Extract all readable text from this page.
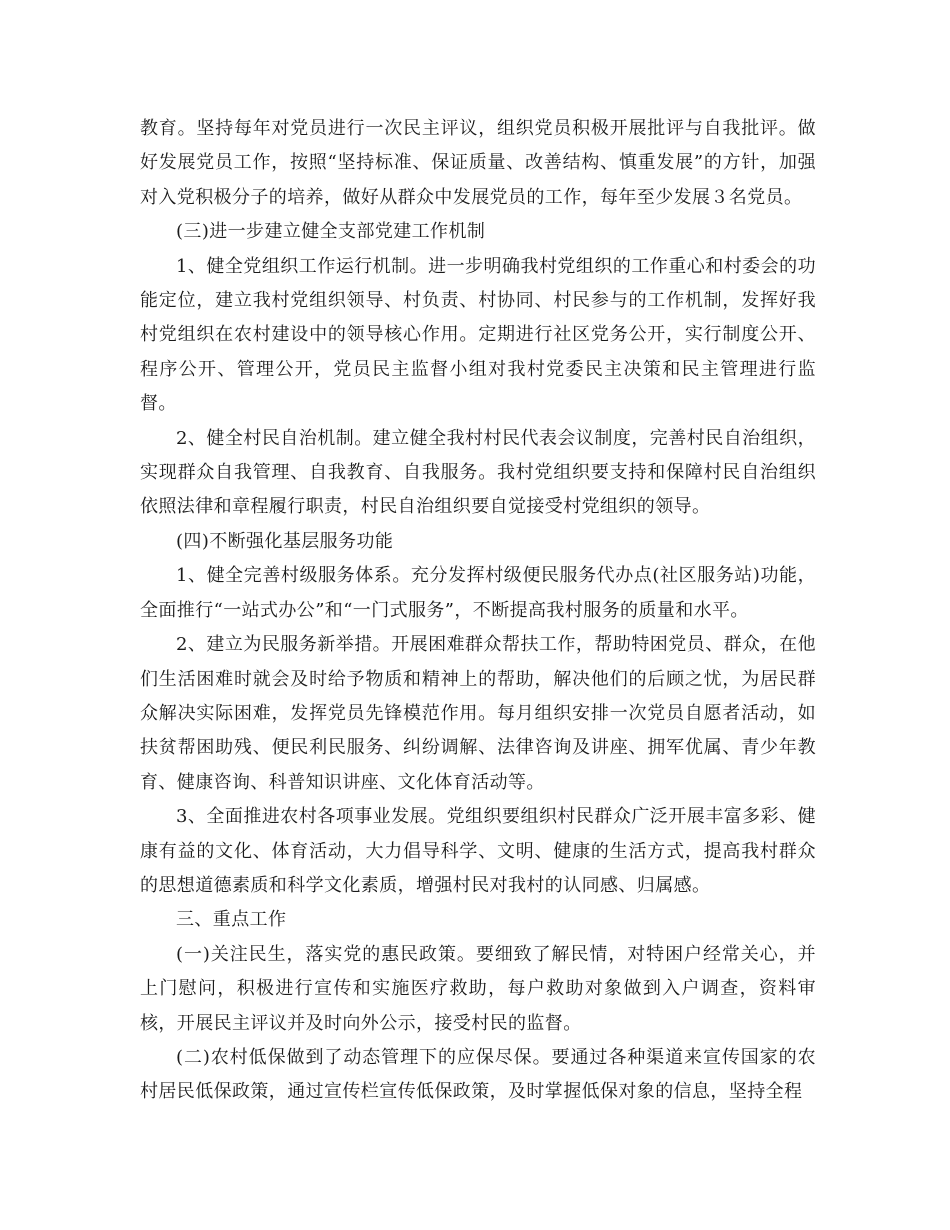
教育。坚持每年对党员进行一次民主评议，组织党员积极开展批评与自我批评。做好发展党员工作，按照“坚持标准、保证质量、改善结构、慎重发展”的方针，加强对入党积极分子的培养，做好从群众中发展党员的工作，每年至少发展３名党员。

(三)进一步建立健全支部党建工作机制

1、健全党组织工作运行机制。进一步明确我村党组织的工作重心和村委会的功能定位，建立我村党组织领导、村负责、村协同、村民参与的工作机制，发挥好我村党组织在农村建设中的领导核心作用。定期进行社区党务公开，实行制度公开、程序公开、管理公开，党员民主监督小组对我村党委民主决策和民主管理进行监督。

2、健全村民自治机制。建立健全我村村民代表会议制度，完善村民自治组织，实现群众自我管理、自我教育、自我服务。我村党组织要支持和保障村民自治组织依照法律和章程履行职责，村民自治组织要自觉接受村党组织的领导。

(四)不断强化基层服务功能

1、健全完善村级服务体系。充分发挥村级便民服务代办点(社区服务站)功能，全面推行“一站式办公”和“一门式服务”，不断提高我村服务的质量和水平。

2、建立为民服务新举措。开展困难群众帮扶工作，帮助特困党员、群众，在他们生活困难时就会及时给予物质和精神上的帮助，解决他们的后顾之忧，为居民群众解决实际困难，发挥党员先锋模范作用。每月组织安排一次党员自愿者活动，如扶贫帮困助残、便民利民服务、纠纷调解、法律咨询及讲座、拥军优属、青少年教育、健康咨询、科普知识讲座、文化体育活动等。

3、全面推进农村各项事业发展。党组织要组织村民群众广泛开展丰富多彩、健康有益的文化、体育活动，大力倡导科学、文明、健康的生活方式，提高我村群众的思想道德素质和科学文化素质，增强村民对我村的认同感、归属感。

三、重点工作

(一)关注民生，落实党的惠民政策。要细致了解民情，对特困户经常关心，并上门慰问，积极进行宣传和实施医疗救助，每户救助对象做到入户调查，资料审核，开展民主评议并及时向外公示，接受村民的监督。

(二)农村低保做到了动态管理下的应保尽保。要通过各种渠道来宣传国家的农村居民低保政策，通过宣传栏宣传低保政策，及时掌握低保对象的信息，坚持全程
